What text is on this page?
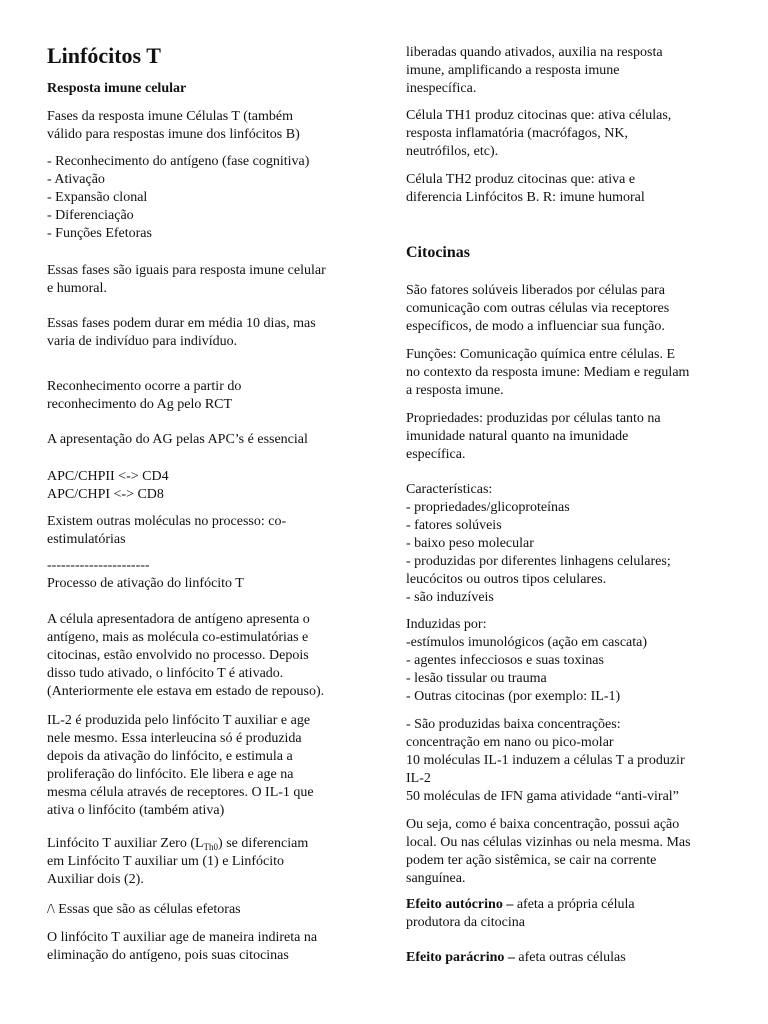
Linfócitos T
Resposta imune celular
Fases da resposta imune Células T (também
válido para respostas imune dos linfócitos B)
- Reconhecimento do antígeno (fase cognitiva)
- Ativação
- Expansão clonal
- Diferenciação
- Funções Efetoras
Essas fases são iguais para resposta imune celular
e humoral.
Essas fases podem durar em média 10 dias, mas
varia de indivíduo para indivíduo.
Reconhecimento ocorre a partir do
reconhecimento do Ag pelo RCT
A apresentação do AG pelas APC’s é essencial
APC/CHPII <-> CD4
APC/CHPI <-> CD8
Existem outras moléculas no processo: co-
estimulatórias
----------------------
Processo de ativação do linfócito T
A célula apresentadora de antígeno apresenta o
antígeno, mais as molécula co-estimulatórias e
citocinas, estão envolvido no processo. Depois
disso tudo ativado, o linfócito T é ativado.
(Anteriormente ele estava em estado de repouso).
IL-2 é produzida pelo linfócito T auxiliar e age
nele mesmo. Essa interleucina só é produzida
depois da ativação do linfócito, e estimula a
proliferação do linfócito. Ele libera e age na
mesma célula através de receptores. O IL-1 que
ativa o linfócito (também ativa)
Linfócito T auxiliar Zero $(L_{Th0})$ se diferenciam
em Linfócito T auxiliar um (1) e Linfócito
Auxiliar dois (2).
/\ Essas que são as células efetoras
O linfócito T auxiliar age de maneira indireta na
eliminação do antígeno, pois suas citocinas
liberadas quando ativados, auxilia na resposta
imune, amplificando a resposta imune
inespecífica.
Célula TH1 produz citocinas que: ativa células,
resposta inflamatória (macrófagos, NK,
neutrófilos, etc).
Célula TH2 produz citocinas que: ativa e
diferencia Linfócitos B. R: imune humoral
Citocinas
São fatores solúveis liberados por células para
comunicação com outras células via receptores
específicos, de modo a influenciar sua função.
Funções: Comunicação química entre células. E
no contexto da resposta imune: Mediam e regulam
a resposta imune.
Propriedades: produzidas por células tanto na
imunidade natural quanto na imunidade
específica.
Características:
- propriedades/glicoproteínas
- fatores solúveis
- baixo peso molecular
- produzidas por diferentes linhagens celulares;
leucócitos ou outros tipos celulares.
- são induzíveis
Induzidas por:
-estímulos imunológicos (ação em cascata)
- agentes infecciosos e suas toxinas
- lesão tissular ou trauma
- Outras citocinas (por exemplo: IL-1)
- São produzidas baixa concentrações:
concentração em nano ou pico-molar
10 moléculas IL-1 induzem a células T a produzir
IL-2
50 moléculas de IFN gama atividade “anti-viral”
Ou seja, como é baixa concentração, possui ação
local. Ou nas células vizinhas ou nela mesma. Mas
podem ter ação sistêmica, se cair na corrente
sanguínea.
Efeito autócrino – afeta a própria célula
produtora da citocina
Efeito parácrino – afeta outras células
